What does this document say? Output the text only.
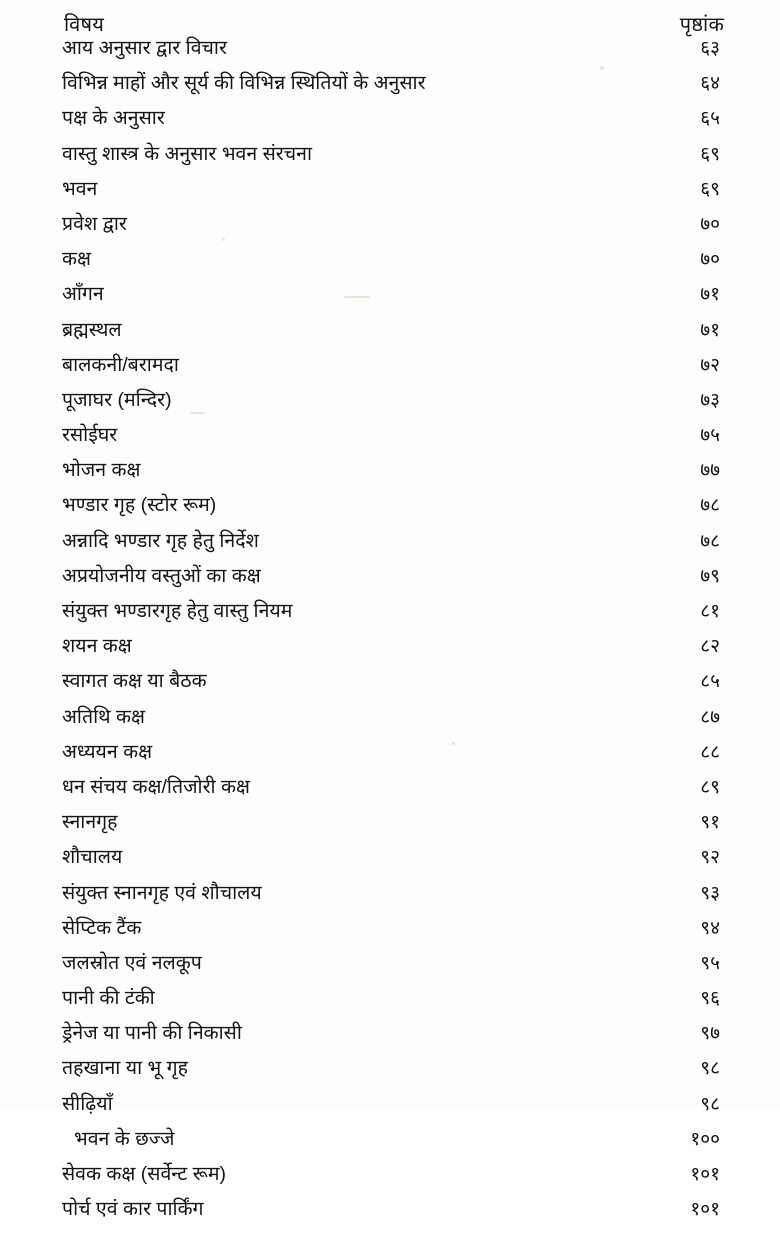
विषय	पृष्ठांक
आय अनुसार द्वार विचार	६३
विभिन्न माहों और सूर्य की विभिन्न स्थितियों के अनुसार	६४
पक्ष के अनुसार	६५
वास्तु शास्त्र के अनुसार भवन संरचना	६९
भवन	६९
प्रवेश द्वार	७०
कक्ष	७०
आँगन	७१
ब्रह्मस्थल	७१
बालकनी/बरामदा	७२
पूजाघर (मन्दिर)	७३
रसोईघर	७५
भोजन कक्ष	७७
भण्डार गृह (स्टोर रूम)	७८
अन्नादि भण्डार गृह हेतु निर्देश	७८
अप्रयोजनीय वस्तुओं का कक्ष	७९
संयुक्त भण्डारगृह हेतु वास्तु नियम	८१
शयन कक्ष	८२
स्वागत कक्ष या बैठक	८५
अतिथि कक्ष	८७
अध्ययन कक्ष	८८
धन संचय कक्ष/तिजोरी कक्ष	८९
स्नानगृह	९१
शौचालय	९२
संयुक्त स्नानगृह एवं शौचालय	९३
सेप्टिक टैंक	९४
जलस्रोत एवं नलकूप	९५
पानी की टंकी	९६
ड्रेनेज या पानी की निकासी	९७
तहखाना या भू गृह	९८
सीढ़ियाँ	९८
भवन के छज्जे	१००
सेवक कक्ष (सर्वेन्ट रूम)	१०१
पोर्च एवं कार पार्किंग	१०१
